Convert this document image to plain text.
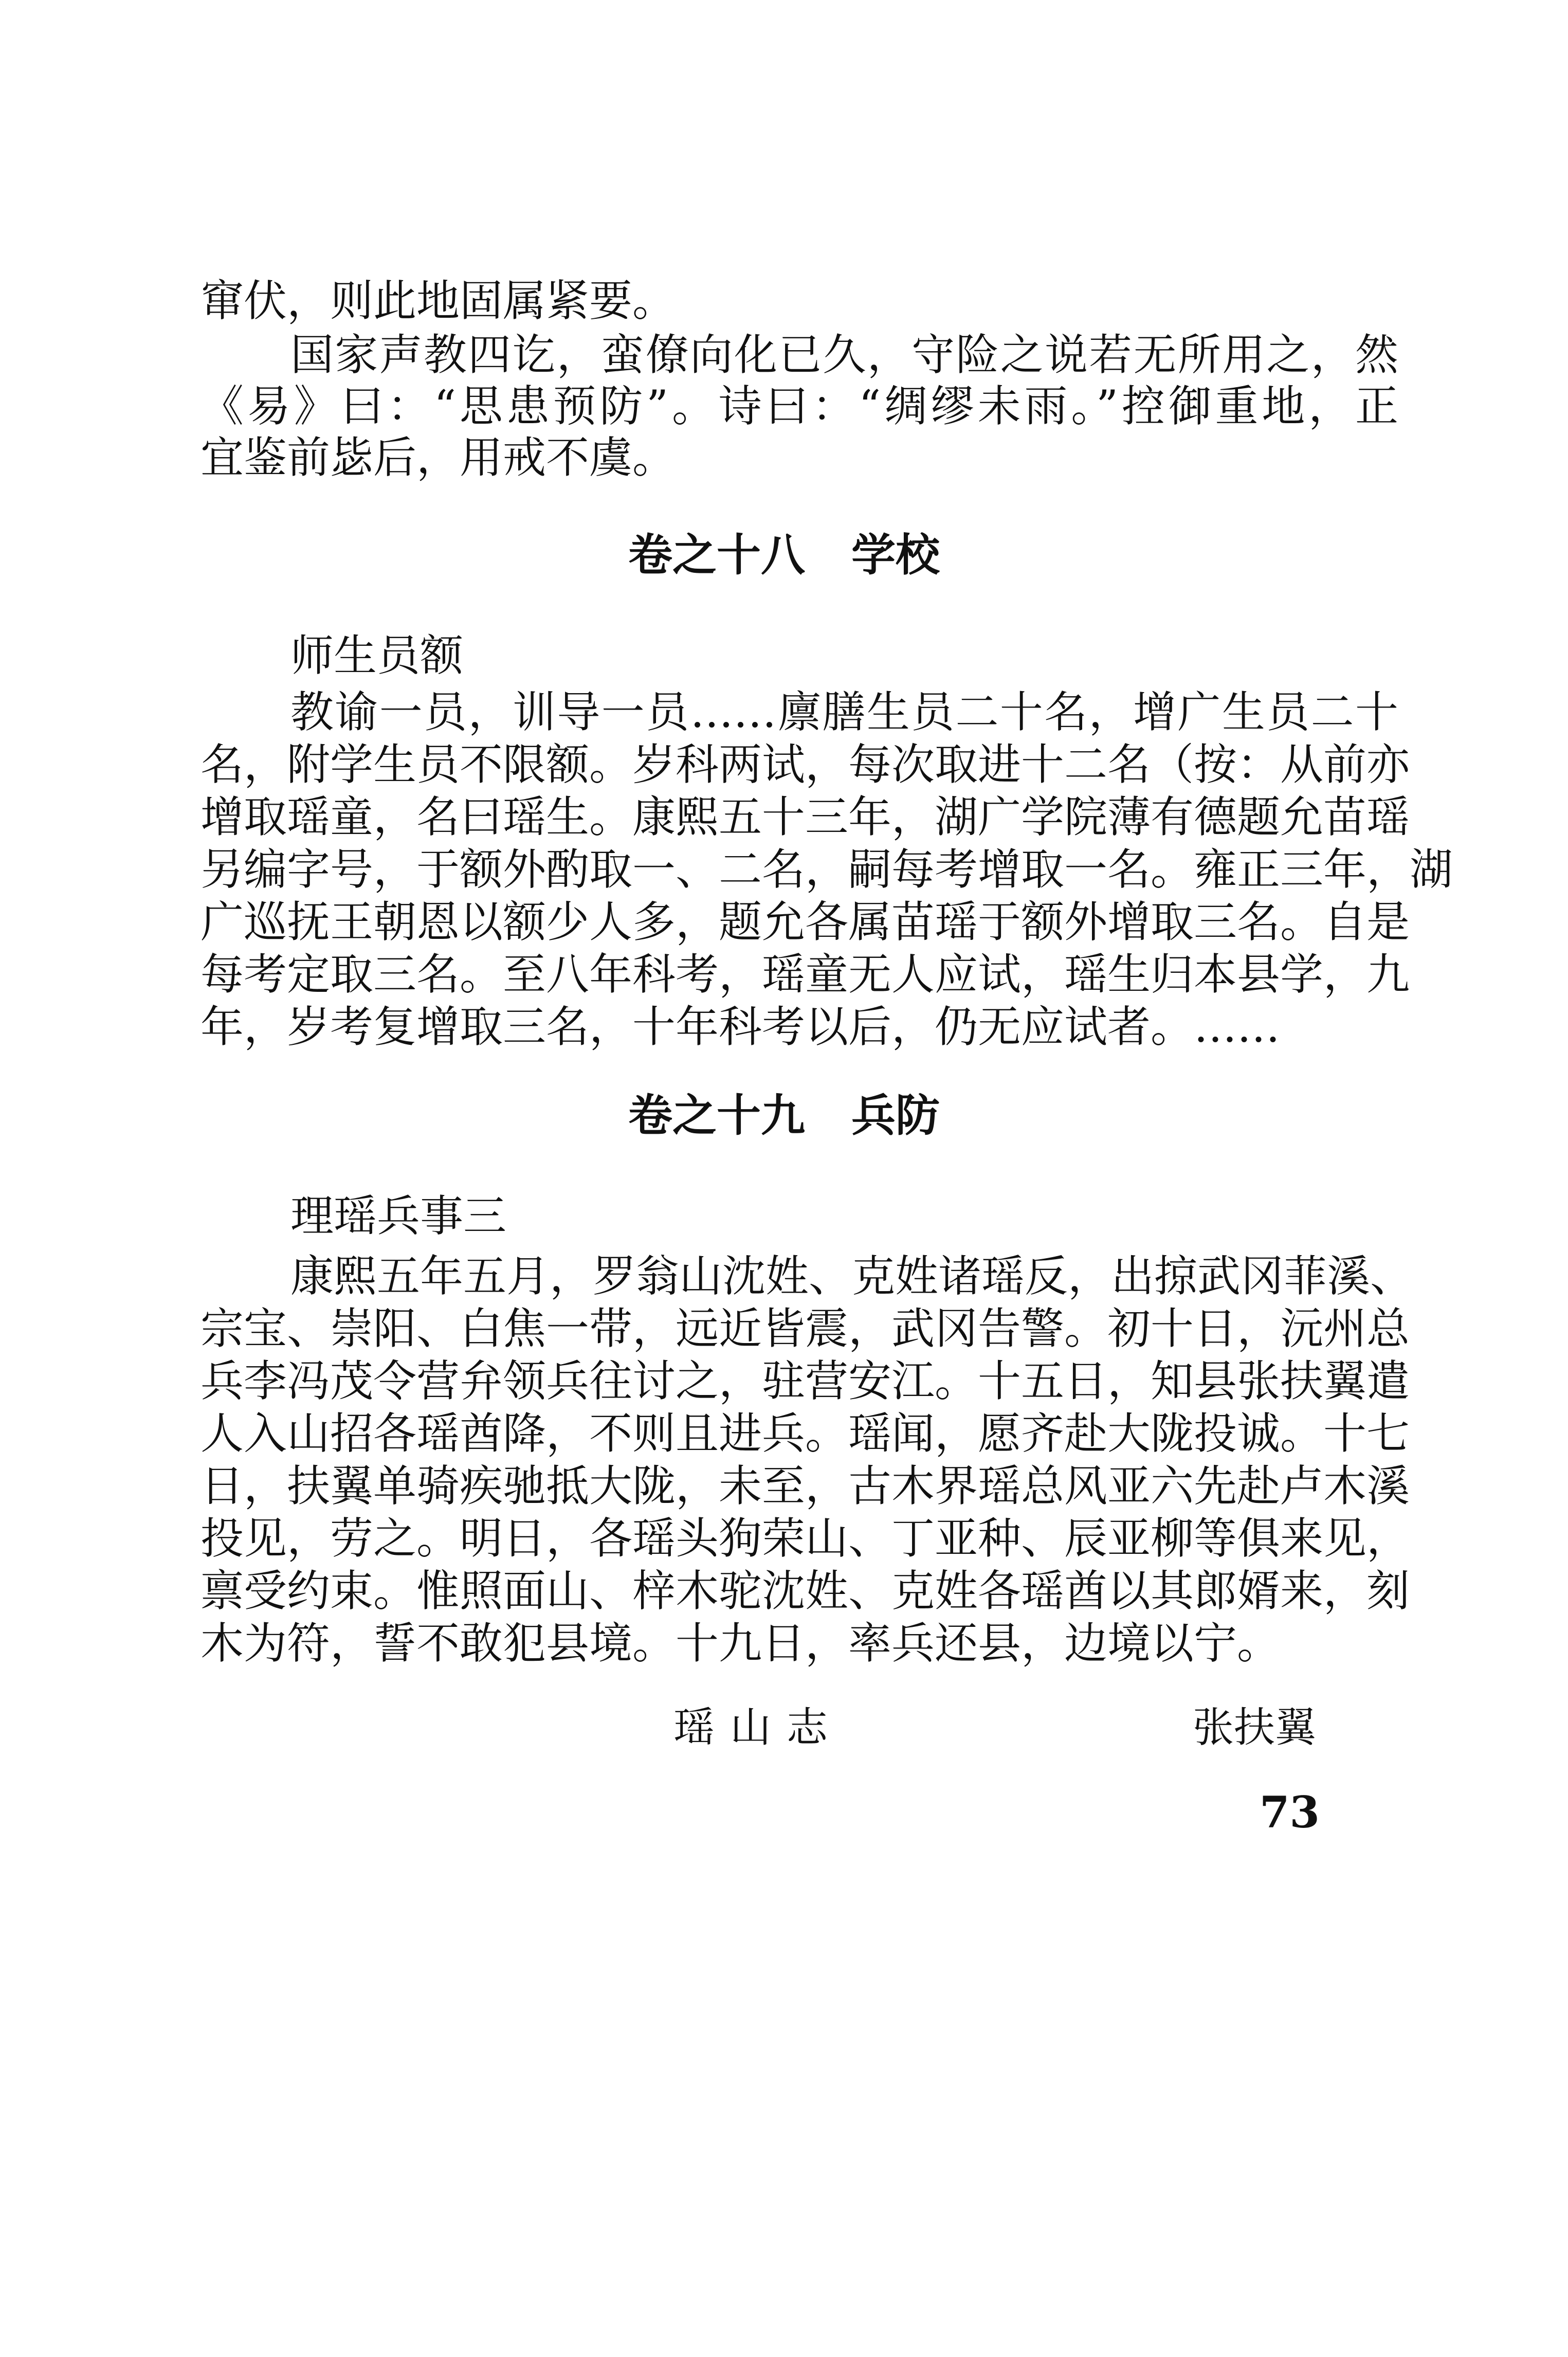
窜伏，则此地固属紧要。
国家声教四讫，蛮僚向化已久，守险之说若无所用之，然
《易》曰：“思患预防”。诗曰：“绸缪未雨。”控御重地，正
宜鉴前毖后，用戒不虞。
卷之十八 学校
师生员额
教谕一员，训导一员……廪膳生员二十名，增广生员二十
名，附学生员不限额。岁科两试，每次取进十二名（按：从前亦
增取瑶童，名曰瑶生。康熙五十三年，湖广学院薄有德题允苗瑶
另编字号，于额外酌取一、二名，嗣每考增取一名。雍正三年，湖
广巡抚王朝恩以额少人多，题允各属苗瑶于额外增取三名。自是
每考定取三名。至八年科考，瑶童无人应试，瑶生归本县学，九
年，岁考复增取三名，十年科考以后，仍无应试者。……
卷之十九 兵防
理瑶兵事三
康熙五年五月，罗翁山沈姓、克姓诸瑶反，出掠武冈菲溪、
宗宝、崇阳、白焦一带，远近皆震，武冈告警。初十日，沅州总
兵李冯茂令营弁领兵往讨之，驻营安江。十五日，知县张扶翼遣
人入山招各瑶酋降，不则且进兵。瑶闻，愿齐赴大陇投诚。十七
日，扶翼单骑疾驰抵大陇，未至，古木界瑶总风亚六先赴卢木溪
投见，劳之。明日，各瑶头狗荣山、丁亚种、辰亚柳等俱来见，
禀受约束。惟照面山、梓木驼沈姓、克姓各瑶酋以其郎婿来，刻
木为符，誓不敢犯县境。十九日，率兵还县，边境以宁。
瑶山志	张扶翼
73
